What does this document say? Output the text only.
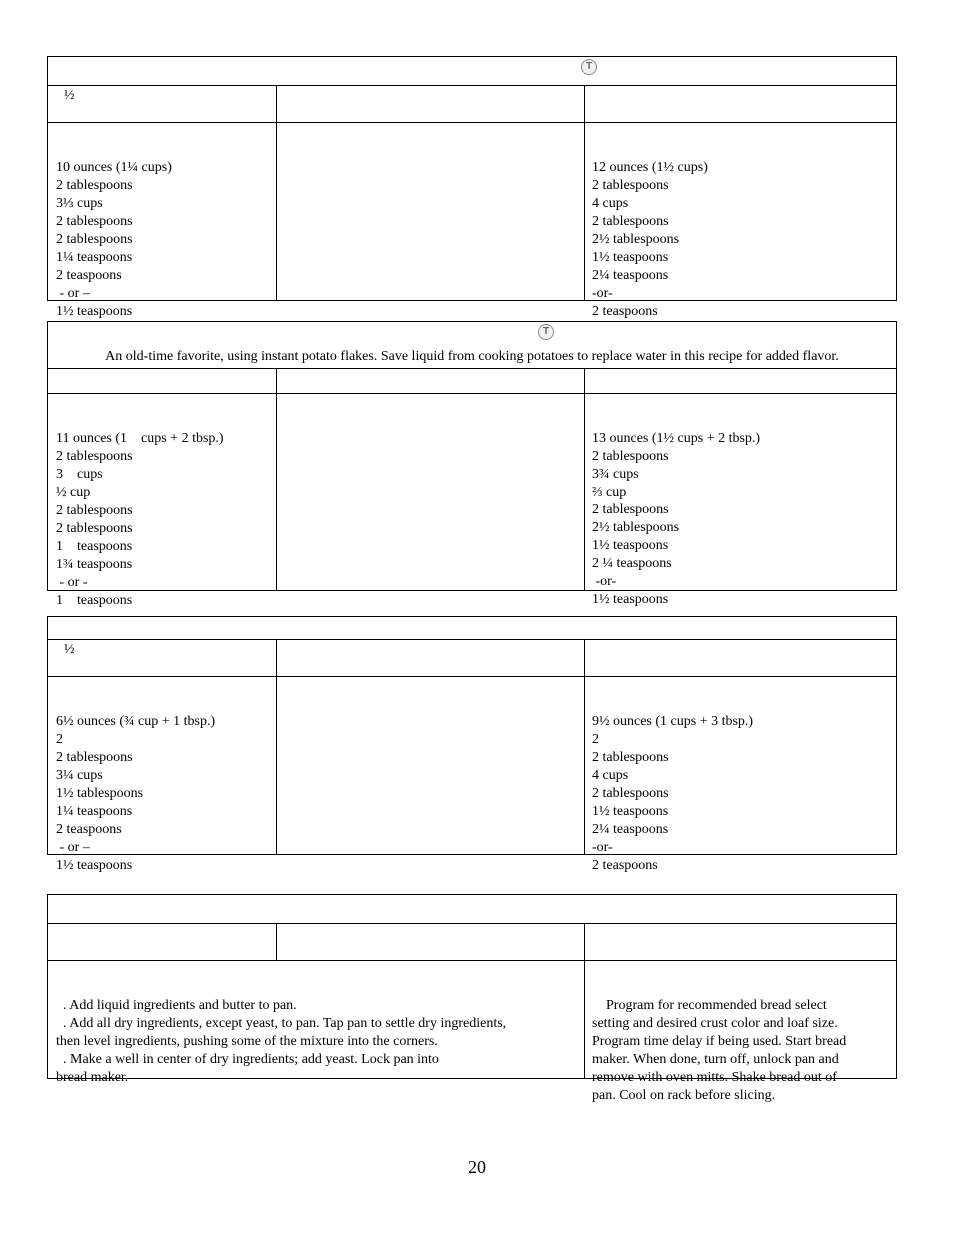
T
½

10 ounces (1¼ cups)
2 tablespoons
3⅓ cups
2 tablespoons
2 tablespoons
1¼ teaspoons
2 teaspoons
- or –
1½ teaspoons

12 ounces (1½ cups)
2 tablespoons
4 cups
2 tablespoons
2½ tablespoons
1½ teaspoons
2¼ teaspoons
-or-
2 teaspoons

T
An old-time favorite, using instant potato flakes. Save liquid from cooking potatoes to replace water in this recipe for added flavor.

11 ounces (1    cups + 2 tbsp.)
2 tablespoons
3    cups
½ cup
2 tablespoons
2 tablespoons
1    teaspoons
1¾ teaspoons
- or -
1    teaspoons

13 ounces (1½ cups + 2 tbsp.)
2 tablespoons
3¾ cups
⅔ cup
2 tablespoons
2½ tablespoons
1½ teaspoons
2 ¼ teaspoons
-or-
1½ teaspoons

½

6½ ounces (¾ cup + 1 tbsp.)
2
2 tablespoons
3¼ cups
1½ tablespoons
1¼ teaspoons
2 teaspoons
- or –
1½ teaspoons

9½ ounces (1 cups + 3 tbsp.)
2
2 tablespoons
4 cups
2 tablespoons
1½ teaspoons
2¼ teaspoons
-or-
2 teaspoons

. Add liquid ingredients and butter to pan.
. Add all dry ingredients, except yeast, to pan. Tap pan to settle dry ingredients,
then level ingredients, pushing some of the mixture into the corners.
. Make a well in center of dry ingredients; add yeast. Lock pan into
bread maker.

Program for recommended bread select
setting and desired crust color and loaf size.
Program time delay if being used. Start bread
maker. When done, turn off, unlock pan and
remove with oven mitts. Shake bread out of
pan. Cool on rack before slicing.

20
